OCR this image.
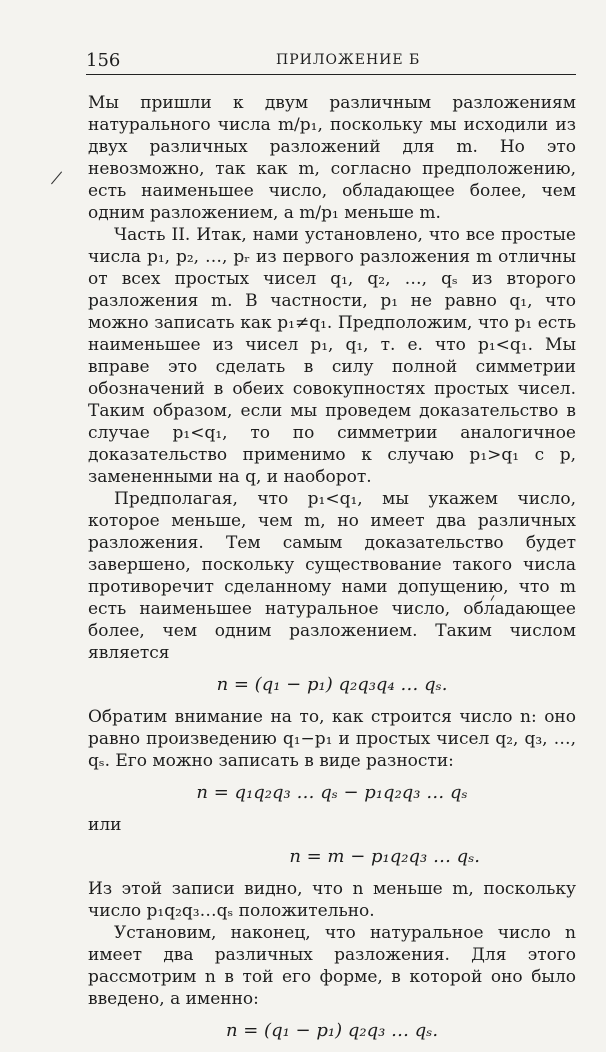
156	ПРИЛОЖЕНИЕ Б

Мы пришли к двум различным разложениям натурального числа m/p₁, поскольку мы исходили из двух различных разложений для m. Но это невозможно, так как m, согласно предположению, есть наименьшее число, обладающее более, чем одним разложением, а m/p₁ меньше m.

Часть II. Итак, нами установлено, что все простые числа p₁, p₂, …, pᵣ из первого разложения m отличны от всех простых чисел q₁, q₂, …, qₛ из второго разложения m. В частности, p₁ не равно q₁, что можно записать как p₁≠q₁. Предположим, что p₁ есть наименьшее из чисел p₁, q₁, т. е. что p₁<q₁. Мы вправе это сделать в силу полной симметрии обозначений в обеих совокупностях простых чисел. Таким образом, если мы проведем доказательство в случае p₁<q₁, то по симметрии аналогичное доказательство применимо к случаю p₁>q₁ с p, замененными на q, и наоборот.

Предполагая, что p₁<q₁, мы укажем число, которое меньше, чем m, но имеет два различных разложения. Тем самым доказательство будет завершено, поскольку существование такого числа противоречит сделанному нами допущению, что m есть наименьшее натуральное число, обладающее более, чем одним разложением. Таким числом является

n = (q₁ − p₁) q₂q₃q₄ … qₛ.

Обратим внимание на то, как строится число n: оно равно произведению q₁−p₁ и простых чисел q₂, q₃, …, qₛ. Его можно записать в виде разности:

n = q₁q₂q₃ … qₛ − p₁q₂q₃ … qₛ
или
n = m − p₁q₂q₃ … qₛ.

Из этой записи видно, что n меньше m, поскольку число p₁q₂q₃…qₛ положительно.

Установим, наконец, что натуральное число n имеет два различных разложения. Для этого рассмотрим n в той его форме, в которой оно было введено, а именно:

n = (q₁ − p₁) q₂q₃ … qₛ.
